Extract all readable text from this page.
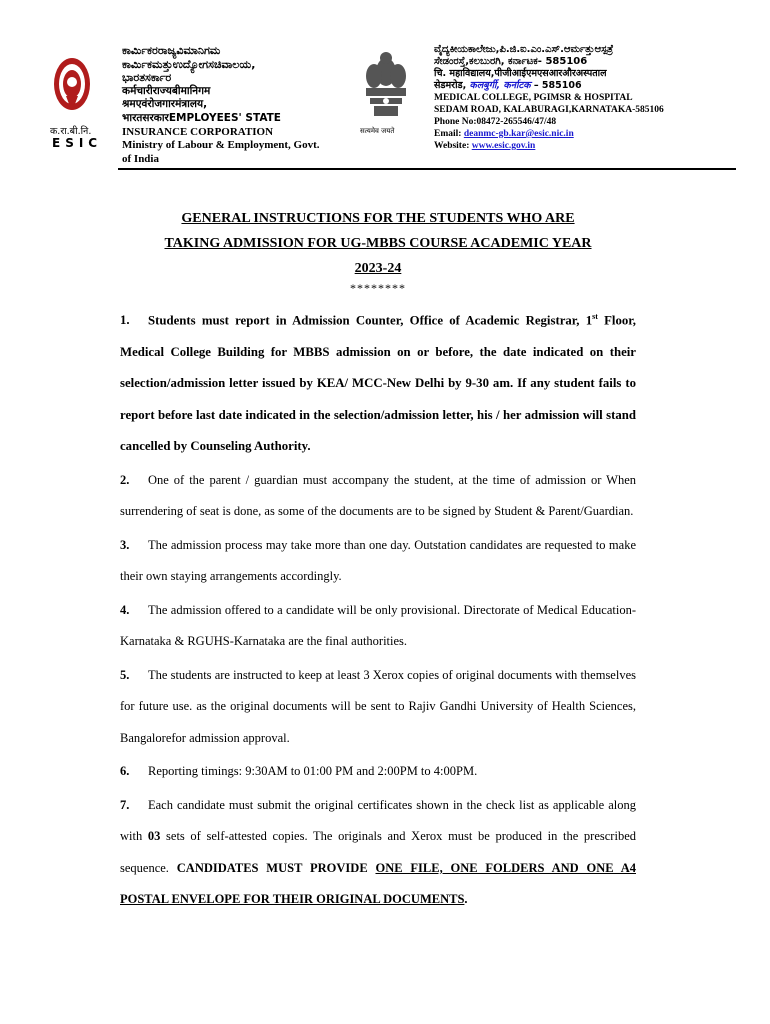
क.रा.बी.नि.
ESIC
ಕಾರ್ಮಿಕರರಾಜ್ಯವಿಮಾನಿಗಮ
ಕಾರ್ಮಿಕಮತ್ತುಉದ್ಯೋಗಸಚಿವಾಲಯ,
ಭಾರತಸರ್ಕಾರ
कर्मचारीराज्यबीमानिगम
श्रमएवंरोजगारमंत्रालय,
भारतसरकारEMPLOYEES' STATE
INSURANCE CORPORATION
Ministry of Labour & Employment, Govt.
of India
सत्यमेव जयते
ವೈದ್ಯಕೀಯಕಾಲೇಜು,ಪಿ.ಜಿ.ಐ.ಎಂ.ಎಸ್.ಆರ್ಮತ್ತುಆಸ್ಪತ್ರೆ
ಸೇಡಂರಸ್ತೆ,ಕಲಬುರಗಿ, ಕರ್ನಾಟಕ- 585106
चि. महाविद्यालय,पीजीआईएमएसआरऔरअस्पताल
सेडमरोड, कलबुर्गी, कर्नाटक – 585106
MEDICAL COLLEGE, PGIMSR & HOSPITAL
SEDAM ROAD, KALABURAGI,KARNATAKA-585106
Phone No:08472-265546/47/48
Email: deanmc-gb.kar@esic.nic.in
Website: www.esic.gov.in
GENERAL INSTRUCTIONS FOR THE STUDENTS WHO ARE
TAKING ADMISSION FOR UG-MBBS COURSE ACADEMIC YEAR
2023-24
********
1. Students must report in Admission Counter, Office of Academic Registrar, 1st Floor, Medical College Building for MBBS admission on or before, the date indicated on their selection/admission letter issued by KEA/ MCC-New Delhi by 9-30 am. If any student fails to report before last date indicated in the selection/admission letter, his / her admission will stand cancelled by Counseling Authority.
2. One of the parent / guardian must accompany the student, at the time of admission or When surrendering of seat is done, as some of the documents are to be signed by Student & Parent/Guardian.
3. The admission process may take more than one day. Outstation candidates are requested to make their own staying arrangements accordingly.
4. The admission offered to a candidate will be only provisional. Directorate of Medical Education-Karnataka & RGUHS-Karnataka are the final authorities.
5. The students are instructed to keep at least 3 Xerox copies of original documents with themselves for future use. as the original documents will be sent to Rajiv Gandhi University of Health Sciences, Bangalorefor admission approval.
6. Reporting timings: 9:30AM to 01:00 PM and 2:00PM to 4:00PM.
7. Each candidate must submit the original certificates shown in the check list as applicable along with 03 sets of self-attested copies. The originals and Xerox must be produced in the prescribed sequence. CANDIDATES MUST PROVIDE ONE FILE, ONE FOLDERS AND ONE A4 POSTAL ENVELOPE FOR THEIR ORIGINAL DOCUMENTS.
